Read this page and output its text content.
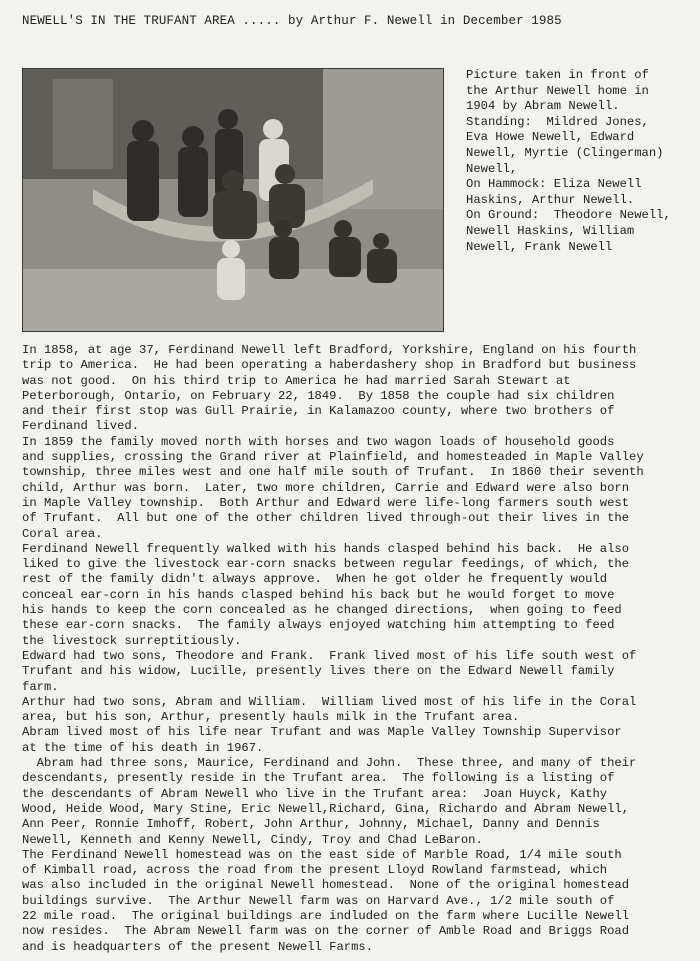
NEWELL'S IN THE TRUFANT AREA ..... by Arthur F. Newell in December 1985
Picture taken in front of
the Arthur Newell home in
1904 by Abram Newell.
Standing:  Mildred Jones,
Eva Howe Newell, Edward
Newell, Myrtie (Clingerman)
Newell,
On Hammock: Eliza Newell
Haskins, Arthur Newell.
On Ground:  Theodore Newell,
Newell Haskins, William
Newell, Frank Newell
In 1858, at age 37, Ferdinand Newell left Bradford, Yorkshire, England on his fourth
trip to America.  He had been operating a haberdashery shop in Bradford but business
was not good.  On his third trip to America he had married Sarah Stewart at
Peterborough, Ontario, on February 22, 1849.  By 1858 the couple had six children
and their first stop was Gull Prairie, in Kalamazoo county, where two brothers of
Ferdinand lived.
In 1859 the family moved north with horses and two wagon loads of household goods
and supplies, crossing the Grand river at Plainfield, and homesteaded in Maple Valley
township, three miles west and one half mile south of Trufant.  In 1860 their seventh
child, Arthur was born.  Later, two more children, Carrie and Edward were also born
in Maple Valley township.  Both Arthur and Edward were life-long farmers south west
of Trufant.  All but one of the other children lived through-out their lives in the
Coral area.
Ferdinand Newell frequently walked with his hands clasped behind his back.  He also
liked to give the livestock ear-corn snacks between regular feedings, of which, the
rest of the family didn't always approve.  When he got older he frequently would
conceal ear-corn in his hands clasped behind his back but he would forget to move
his hands to keep the corn concealed as he changed directions,  when going to feed
these ear-corn snacks.  The family always enjoyed watching him attempting to feed
the livestock surreptitiously.
Edward had two sons, Theodore and Frank.  Frank lived most of his life south west of
Trufant and his widow, Lucille, presently lives there on the Edward Newell family
farm.
Arthur had two sons, Abram and William.  William lived most of his life in the Coral
area, but his son, Arthur, presently hauls milk in the Trufant area.
Abram lived most of his life near Trufant and was Maple Valley Township Supervisor
at the time of his death in 1967.
Abram had three sons, Maurice, Ferdinand and John.  These three, and many of their
descendants, presently reside in the Trufant area.  The following is a listing of
the descendants of Abram Newell who live in the Trufant area:  Joan Huyck, Kathy
Wood, Heide Wood, Mary Stine, Eric Newell,Richard, Gina, Richardo and Abram Newell,
Ann Peer, Ronnie Imhoff, Robert, John Arthur, Johnny, Michael, Danny and Dennis
Newell, Kenneth and Kenny Newell, Cindy, Troy and Chad LeBaron.
The Ferdinand Newell homestead was on the east side of Marble Road, 1/4 mile south
of Kimball road, across the road from the present Lloyd Rowland farmstead, which
was also included in the original Newell homestead.  None of the original homestead
buildings survive.  The Arthur Newell farm was on Harvard Ave., 1/2 mile south of
22 mile road.  The original buildings are indluded on the farm where Lucille Newell
now resides.  The Abram Newell farm was on the corner of Amble Road and Briggs Road
and is headquarters of the present Newell Farms.
